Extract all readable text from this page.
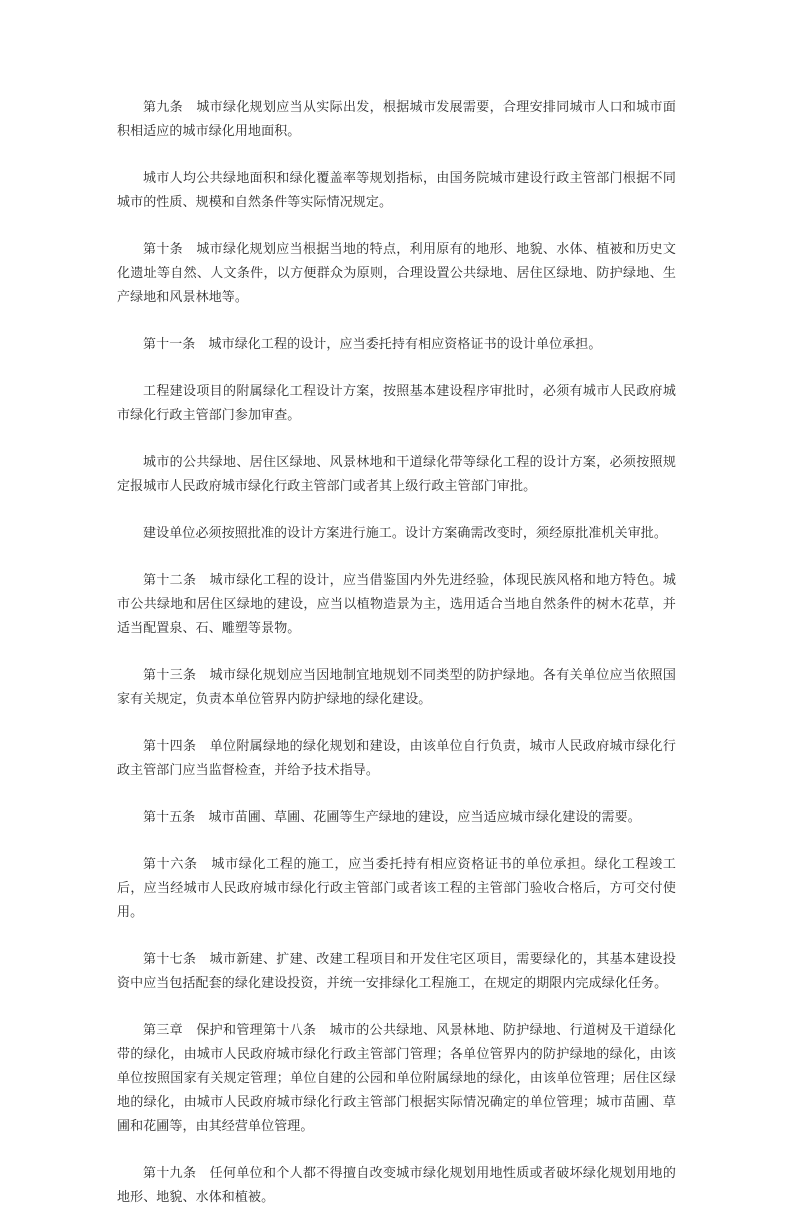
第九条　城市绿化规划应当从实际出发，根据城市发展需要，合理安排同城市人口和城市面积相适应的城市绿化用地面积。

城市人均公共绿地面积和绿化覆盖率等规划指标，由国务院城市建设行政主管部门根据不同城市的性质、规模和自然条件等实际情况规定。

第十条　城市绿化规划应当根据当地的特点，利用原有的地形、地貌、水体、植被和历史文化遗址等自然、人文条件，以方便群众为原则，合理设置公共绿地、居住区绿地、防护绿地、生产绿地和风景林地等。

第十一条　城市绿化工程的设计，应当委托持有相应资格证书的设计单位承担。

工程建设项目的附属绿化工程设计方案，按照基本建设程序审批时，必须有城市人民政府城市绿化行政主管部门参加审查。

城市的公共绿地、居住区绿地、风景林地和干道绿化带等绿化工程的设计方案，必须按照规定报城市人民政府城市绿化行政主管部门或者其上级行政主管部门审批。

建设单位必须按照批准的设计方案进行施工。设计方案确需改变时，须经原批准机关审批。

第十二条　城市绿化工程的设计，应当借鉴国内外先进经验，体现民族风格和地方特色。城市公共绿地和居住区绿地的建设，应当以植物造景为主，选用适合当地自然条件的树木花草，并适当配置泉、石、雕塑等景物。

第十三条　城市绿化规划应当因地制宜地规划不同类型的防护绿地。各有关单位应当依照国家有关规定，负责本单位管界内防护绿地的绿化建设。

第十四条　单位附属绿地的绿化规划和建设，由该单位自行负责，城市人民政府城市绿化行政主管部门应当监督检查，并给予技术指导。

第十五条　城市苗圃、草圃、花圃等生产绿地的建设，应当适应城市绿化建设的需要。

第十六条　城市绿化工程的施工，应当委托持有相应资格证书的单位承担。绿化工程竣工后，应当经城市人民政府城市绿化行政主管部门或者该工程的主管部门验收合格后，方可交付使用。

第十七条　城市新建、扩建、改建工程项目和开发住宅区项目，需要绿化的，其基本建设投资中应当包括配套的绿化建设投资，并统一安排绿化工程施工，在规定的期限内完成绿化任务。

第三章　保护和管理第十八条　城市的公共绿地、风景林地、防护绿地、行道树及干道绿化带的绿化，由城市人民政府城市绿化行政主管部门管理；各单位管界内的防护绿地的绿化，由该单位按照国家有关规定管理；单位自建的公园和单位附属绿地的绿化，由该单位管理；居住区绿地的绿化，由城市人民政府城市绿化行政主管部门根据实际情况确定的单位管理；城市苗圃、草圃和花圃等，由其经营单位管理。

第十九条　任何单位和个人都不得擅自改变城市绿化规划用地性质或者破坏绿化规划用地的地形、地貌、水体和植被。
